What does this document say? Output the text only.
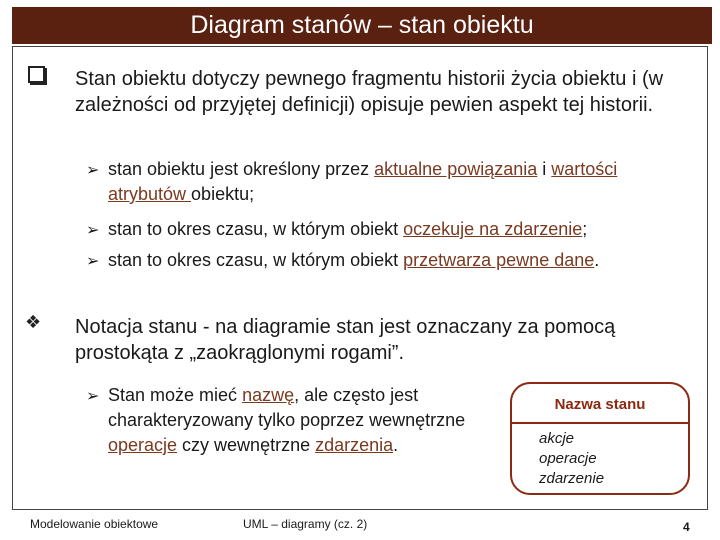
Diagram stanów – stan obiektu

Stan obiektu dotyczy pewnego fragmentu historii życia obiektu i (w zależności od przyjętej definicji) opisuje pewien aspekt tej historii.

➢ stan obiektu jest określony przez aktualne powiązania i wartości atrybutów obiektu;
➢ stan to okres czasu, w którym obiekt oczekuje na zdarzenie;
➢ stan to okres czasu, w którym obiekt przetwarza pewne dane.
❖ Notacja stanu - na diagramie stan jest oznaczany za pomocą prostokąta z „zaokrąglonymi rogami”.

➢ Stan może mieć nazwę, ale często jest charakteryzowany tylko poprzez wewnętrzne operacje czy wewnętrzne zdarzenia.
Nazwa stanu
akcje
operacje
zdarzenie
Modelowanie obiektowe	UML – diagramy (cz. 2)	4
